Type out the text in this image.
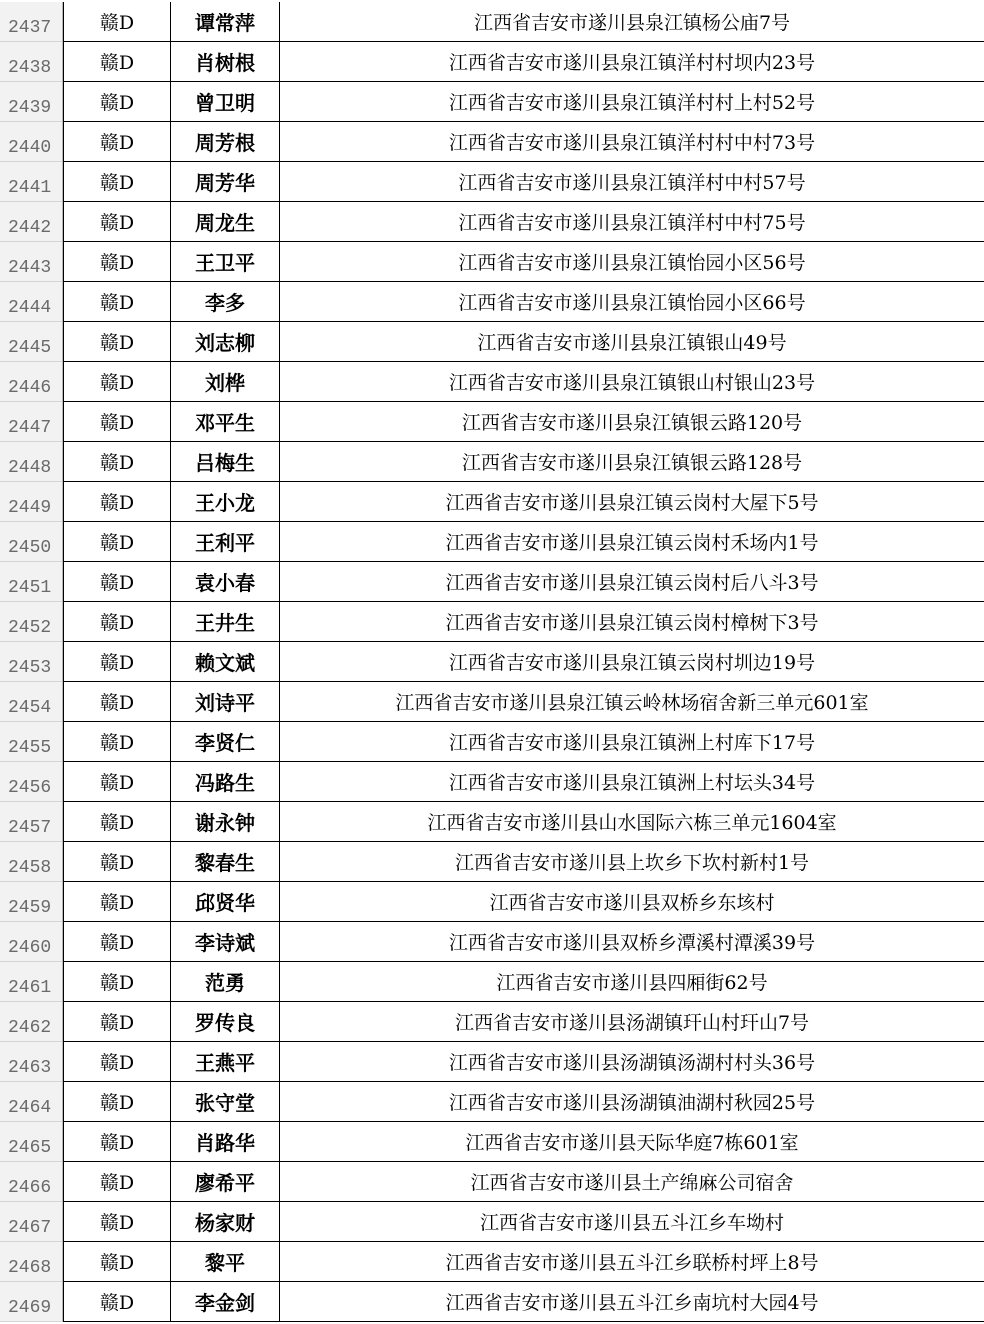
2437	赣D	谭常萍	江西省吉安市遂川县泉江镇杨公庙7号
2438	赣D	肖树根	江西省吉安市遂川县泉江镇洋村村坝内23号
2439	赣D	曾卫明	江西省吉安市遂川县泉江镇洋村村上村52号
2440	赣D	周芳根	江西省吉安市遂川县泉江镇洋村村中村73号
2441	赣D	周芳华	江西省吉安市遂川县泉江镇洋村中村57号
2442	赣D	周龙生	江西省吉安市遂川县泉江镇洋村中村75号
2443	赣D	王卫平	江西省吉安市遂川县泉江镇怡园小区56号
2444	赣D	李多	江西省吉安市遂川县泉江镇怡园小区66号
2445	赣D	刘志柳	江西省吉安市遂川县泉江镇银山49号
2446	赣D	刘桦	江西省吉安市遂川县泉江镇银山村银山23号
2447	赣D	邓平生	江西省吉安市遂川县泉江镇银云路120号
2448	赣D	吕梅生	江西省吉安市遂川县泉江镇银云路128号
2449	赣D	王小龙	江西省吉安市遂川县泉江镇云岗村大屋下5号
2450	赣D	王利平	江西省吉安市遂川县泉江镇云岗村禾场内1号
2451	赣D	袁小春	江西省吉安市遂川县泉江镇云岗村后八斗3号
2452	赣D	王井生	江西省吉安市遂川县泉江镇云岗村樟树下3号
2453	赣D	赖文斌	江西省吉安市遂川县泉江镇云岗村圳边19号
2454	赣D	刘诗平	江西省吉安市遂川县泉江镇云岭林场宿舍新三单元601室
2455	赣D	李贤仁	江西省吉安市遂川县泉江镇洲上村库下17号
2456	赣D	冯路生	江西省吉安市遂川县泉江镇洲上村坛头34号
2457	赣D	谢永钟	江西省吉安市遂川县山水国际六栋三单元1604室
2458	赣D	黎春生	江西省吉安市遂川县上坎乡下坎村新村1号
2459	赣D	邱贤华	江西省吉安市遂川县双桥乡东垓村
2460	赣D	李诗斌	江西省吉安市遂川县双桥乡潭溪村潭溪39号
2461	赣D	范勇	江西省吉安市遂川县四厢街62号
2462	赣D	罗传良	江西省吉安市遂川县汤湖镇玕山村玕山7号
2463	赣D	王燕平	江西省吉安市遂川县汤湖镇汤湖村村头36号
2464	赣D	张守堂	江西省吉安市遂川县汤湖镇油湖村秋园25号
2465	赣D	肖路华	江西省吉安市遂川县天际华庭7栋601室
2466	赣D	廖希平	江西省吉安市遂川县土产绵麻公司宿舍
2467	赣D	杨家财	江西省吉安市遂川县五斗江乡车坳村
2468	赣D	黎平	江西省吉安市遂川县五斗江乡联桥村坪上8号
2469	赣D	李金剑	江西省吉安市遂川县五斗江乡南坑村大园4号
